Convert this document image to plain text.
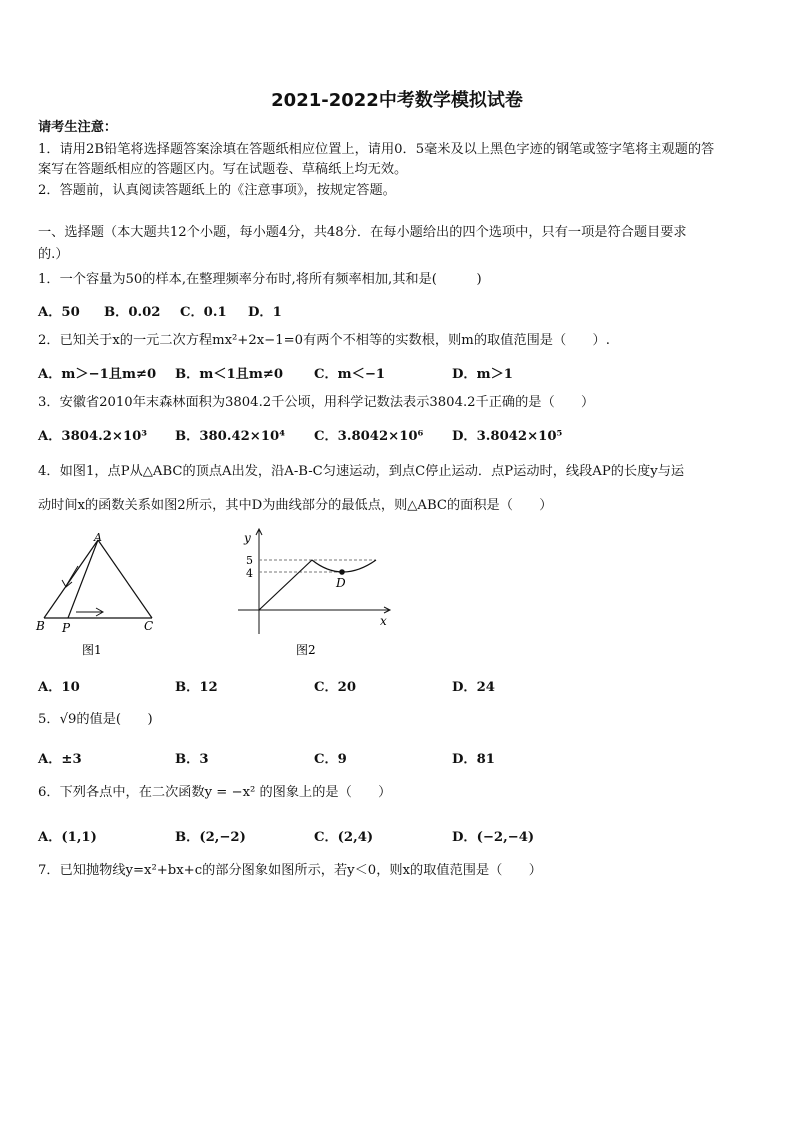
2021-2022中考数学模拟试卷
请考生注意：
1．请用2B铅笔将选择题答案涂填在答题纸相应位置上，请用0．5毫米及以上黑色字迹的钢笔或签字笔将主观题的答
案写在答题纸相应的答题区内。写在试题卷、草稿纸上均无效。
2．答题前，认真阅读答题纸上的《注意事项》，按规定答题。
一、选择题（本大题共12个小题，每小题4分，共48分．在每小题给出的四个选项中，只有一项是符合题目要求
的.）
1．一个容量为50的样本,在整理频率分布时,将所有频率相加,其和是(　　　)
A．50 B．0.02 C．0.1 D．1
2．已知关于x的一元二次方程mx²+2x−1=0有两个不相等的实数根，则m的取值范围是（　　）.
A．m＞−1且m≠0 B．m＜1且m≠0 C．m＜−1	D．m＞1
3．安徽省2010年末森林面积为3804.2千公顷，用科学记数法表示3804.2千正确的是（　　）
A．3804.2×10³ B．380.42×10⁴ C．3.8042×10⁶ D．3.8042×10⁵
4．如图1，点P从△ABC的顶点A出发，沿A-B-C匀速运动，到点C停止运动．点P运动时，线段AP的长度y与运
动时间x的函数关系如图2所示，其中D为曲线部分的最低点，则△ABC的面积是（　　）
A
B P	C
图1
y
5
4
D
x
图2
A．10	B．12	C．20	D．24
5．√9的值是(　　)
A．±3	B．3	C．9	D．81
6．下列各点中，在二次函数y = −x² 的图象上的是（　　）
A．(1,1)	B．(2,−2)	C．(2,4)	D．(−2,−4)
7．已知抛物线y=x²+bx+c的部分图象如图所示，若y＜0，则x的取值范围是（　　）
